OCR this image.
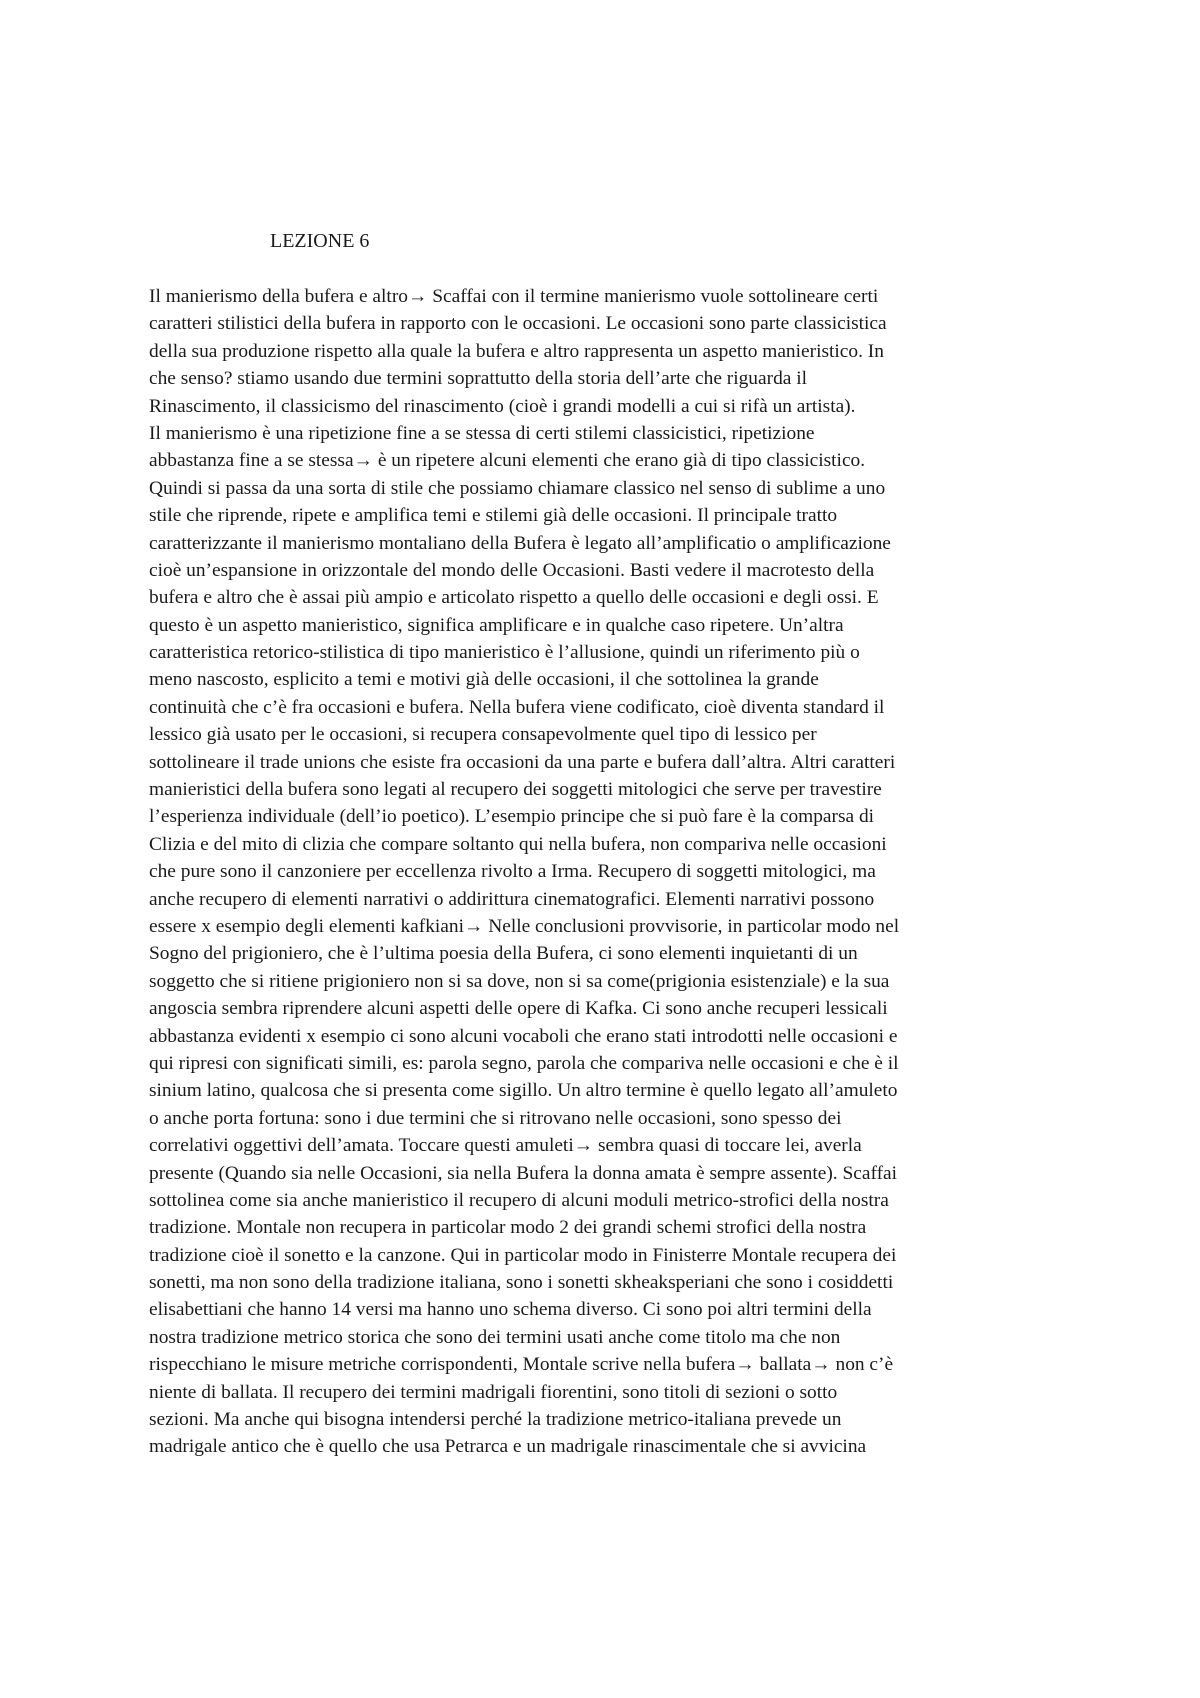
LEZIONE 6
Il manierismo della bufera e altro→ Scaffai con il termine manierismo vuole sottolineare certi
caratteri stilistici della bufera in rapporto con le occasioni. Le occasioni sono parte classicistica
della sua produzione rispetto alla quale la bufera e altro rappresenta un aspetto manieristico. In
che senso? stiamo usando due termini soprattutto della storia dell’arte che riguarda il
Rinascimento, il classicismo del rinascimento (cioè i grandi modelli a cui si rifà un artista).
Il manierismo è una ripetizione fine a se stessa di certi stilemi classicistici, ripetizione
abbastanza fine a se stessa→ è un ripetere alcuni elementi che erano già di tipo classicistico.
Quindi si passa da una sorta di stile che possiamo chiamare classico nel senso di sublime a uno
stile che riprende, ripete e amplifica temi e stilemi già delle occasioni. Il principale tratto
caratterizzante il manierismo montaliano della Bufera è legato all’amplificatio o amplificazione
cioè un’espansione in orizzontale del mondo delle Occasioni. Basti vedere il macrotesto della
bufera e altro che è assai più ampio e articolato rispetto a quello delle occasioni e degli ossi. E
questo è un aspetto manieristico, significa amplificare e in qualche caso ripetere. Un’altra
caratteristica retorico-stilistica di tipo manieristico è l’allusione, quindi un riferimento più o
meno nascosto, esplicito a temi e motivi già delle occasioni, il che sottolinea la grande
continuità che c’è fra occasioni e bufera. Nella bufera viene codificato, cioè diventa standard il
lessico già usato per le occasioni, si recupera consapevolmente quel tipo di lessico per
sottolineare il trade unions che esiste fra occasioni da una parte e bufera dall’altra. Altri caratteri
manieristici della bufera sono legati al recupero dei soggetti mitologici che serve per travestire
l’esperienza individuale (dell’io poetico). L’esempio principe che si può fare è la comparsa di
Clizia e del mito di clizia che compare soltanto qui nella bufera, non compariva nelle occasioni
che pure sono il canzoniere per eccellenza rivolto a Irma. Recupero di soggetti mitologici, ma
anche recupero di elementi narrativi o addirittura cinematografici. Elementi narrativi possono
essere x esempio degli elementi kafkiani→ Nelle conclusioni provvisorie, in particolar modo nel
Sogno del prigioniero, che è l’ultima poesia della Bufera, ci sono elementi inquietanti di un
soggetto che si ritiene prigioniero non si sa dove, non si sa come(prigionia esistenziale) e la sua
angoscia sembra riprendere alcuni aspetti delle opere di Kafka. Ci sono anche recuperi lessicali
abbastanza evidenti x esempio ci sono alcuni vocaboli che erano stati introdotti nelle occasioni e
qui ripresi con significati simili, es: parola segno, parola che compariva nelle occasioni e che è il
sinium latino, qualcosa che si presenta come sigillo. Un altro termine è quello legato all’amuleto
o anche porta fortuna: sono i due termini che si ritrovano nelle occasioni, sono spesso dei
correlativi oggettivi dell’amata. Toccare questi amuleti→ sembra quasi di toccare lei, averla
presente (Quando sia nelle Occasioni, sia nella Bufera la donna amata è sempre assente). Scaffai
sottolinea come sia anche manieristico il recupero di alcuni moduli metrico-strofici della nostra
tradizione. Montale non recupera in particolar modo 2 dei grandi schemi strofici della nostra
tradizione cioè il sonetto e la canzone. Qui in particolar modo in Finisterre Montale recupera dei
sonetti, ma non sono della tradizione italiana, sono i sonetti skheaksperiani che sono i cosiddetti
elisabettiani che hanno 14 versi ma hanno uno schema diverso. Ci sono poi altri termini della
nostra tradizione metrico storica che sono dei termini usati anche come titolo ma che non
rispecchiano le misure metriche corrispondenti, Montale scrive nella bufera→ ballata→ non c’è
niente di ballata. Il recupero dei termini madrigali fiorentini, sono titoli di sezioni o sotto
sezioni. Ma anche qui bisogna intendersi perché la tradizione metrico-italiana prevede un
madrigale antico che è quello che usa Petrarca e un madrigale rinascimentale che si avvicina
